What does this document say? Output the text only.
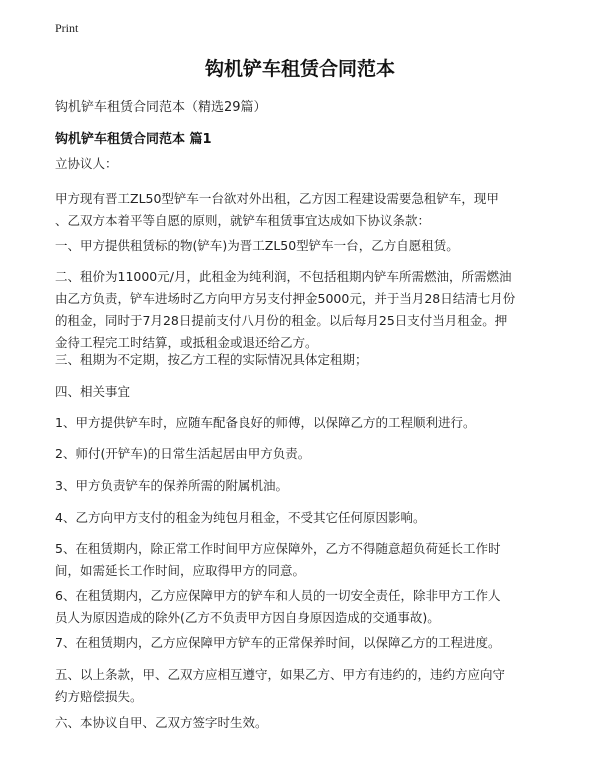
Print
钩机铲车租赁合同范本
钩机铲车租赁合同范本（精选29篇）
钩机铲车租赁合同范本 篇1
立协议人：
甲方现有晋工ZL50型铲车一台欲对外出租，乙方因工程建设需要急租铲车，现甲
、乙双方本着平等自愿的原则，就铲车租赁事宜达成如下协议条款：
一、甲方提供租赁标的物(铲车)为晋工ZL50型铲车一台，乙方自愿租赁。
二、租价为11000元/月，此租金为纯利润，不包括租期内铲车所需燃油，所需燃油
由乙方负责，铲车进场时乙方向甲方另支付押金5000元，并于当月28日结清七月份
的租金，同时于7月28日提前支付八月份的租金。以后每月25日支付当月租金。押
金待工程完工时结算，或抵租金或退还给乙方。
三、租期为不定期，按乙方工程的实际情况具体定租期；
四、相关事宜
1、甲方提供铲车时，应随车配备良好的师傅，以保障乙方的工程顺利进行。
2、师付(开铲车)的日常生活起居由甲方负责。
3、甲方负责铲车的保养所需的附属机油。
4、乙方向甲方支付的租金为纯包月租金，不受其它任何原因影响。
5、在租赁期内，除正常工作时间甲方应保障外，乙方不得随意超负荷延长工作时
间，如需延长工作时间，应取得甲方的同意。
6、在租赁期内，乙方应保障甲方的铲车和人员的一切安全责任，除非甲方工作人
员人为原因造成的除外(乙方不负责甲方因自身原因造成的交通事故)。
7、在租赁期内，乙方应保障甲方铲车的正常保养时间，以保障乙方的工程进度。
五、以上条款，甲、乙双方应相互遵守，如果乙方、甲方有违约的，违约方应向守
约方赔偿损失。
六、本协议自甲、乙双方签字时生效。
